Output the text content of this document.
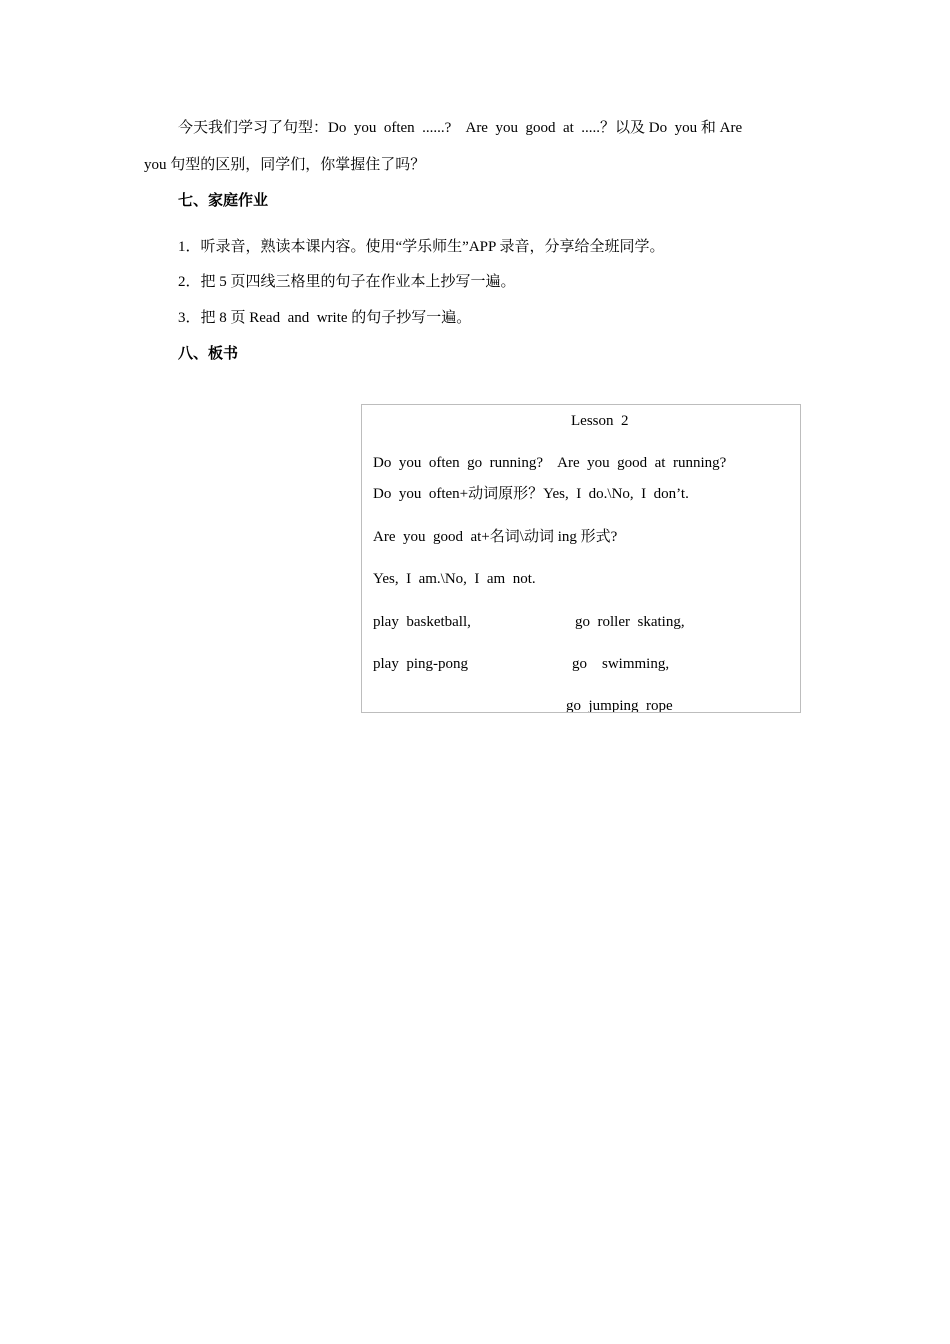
今天我们学习了句型：Do  you  often  ......?    Are  you  good  at  .....？以及 Do  you 和 Are
you 句型的区别，同学们，你掌握住了吗？
七、家庭作业
1．听录音，熟读本课内容。使用“学乐师生”APP 录音，分享给全班同学。
2．把 5 页四线三格里的句子在作业本上抄写一遍。
3．把 8 页 Read  and  write 的句子抄写一遍。
八、板书
Lesson  2
Do  you  often  go  running?    Are  you  good  at  running?
Do  you  often+动词原形？Yes,  I  do.\No,  I  don’t.
Are  you  good  at+名词\动词 ing 形式?
Yes,  I  am.\No,  I  am  not.
play  basketball,	go  roller  skating,
play  ping-pong	go    swimming,
go  jumping  rope
